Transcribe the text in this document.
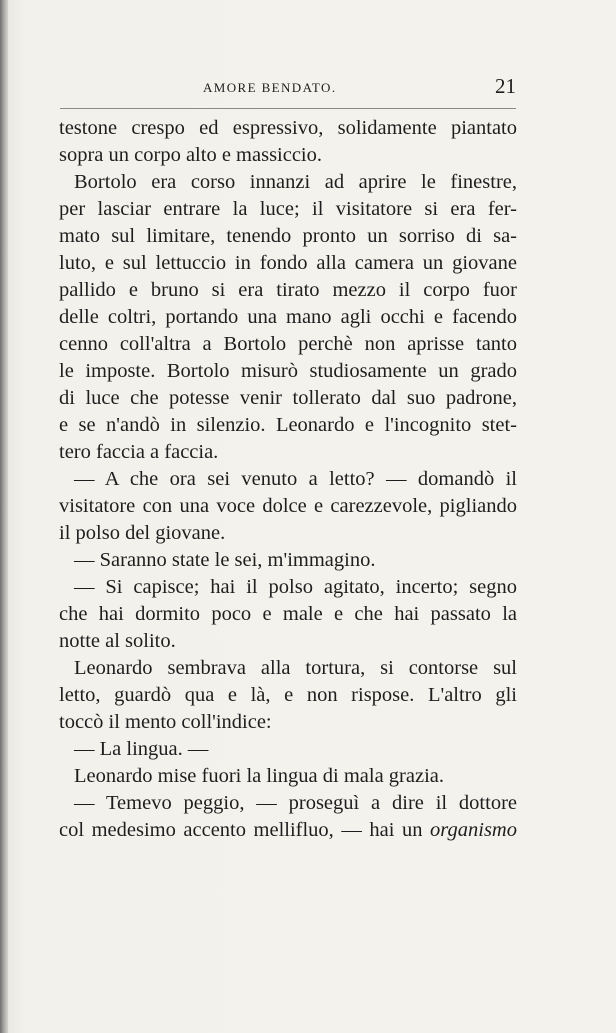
AMORE BENDATO.	21
testone crespo ed espressivo, solidamente piantato
sopra un corpo alto e massiccio.
Bortolo era corso innanzi ad aprire le finestre,
per lasciar entrare la luce; il visitatore si era fer-
mato sul limitare, tenendo pronto un sorriso di sa-
luto, e sul lettuccio in fondo alla camera un giovane
pallido e bruno si era tirato mezzo il corpo fuor
delle coltri, portando una mano agli occhi e facendo
cenno coll'altra a Bortolo perchè non aprisse tanto
le imposte. Bortolo misurò studiosamente un grado
di luce che potesse venir tollerato dal suo padrone,
e se n'andò in silenzio. Leonardo e l'incognito stet-
tero faccia a faccia.
— A che ora sei venuto a letto? — domandò il
visitatore con una voce dolce e carezzevole, pigliando
il polso del giovane.
— Saranno state le sei, m'immagino.
— Si capisce; hai il polso agitato, incerto; segno
che hai dormito poco e male e che hai passato la
notte al solito.
Leonardo sembrava alla tortura, si contorse sul
letto, guardò qua e là, e non rispose. L'altro gli
toccò il mento coll'indice:
— La lingua. —
Leonardo mise fuori la lingua di mala grazia.
— Temevo peggio, — proseguì a dire il dottore
col medesimo accento mellifluo, — hai un organismo
